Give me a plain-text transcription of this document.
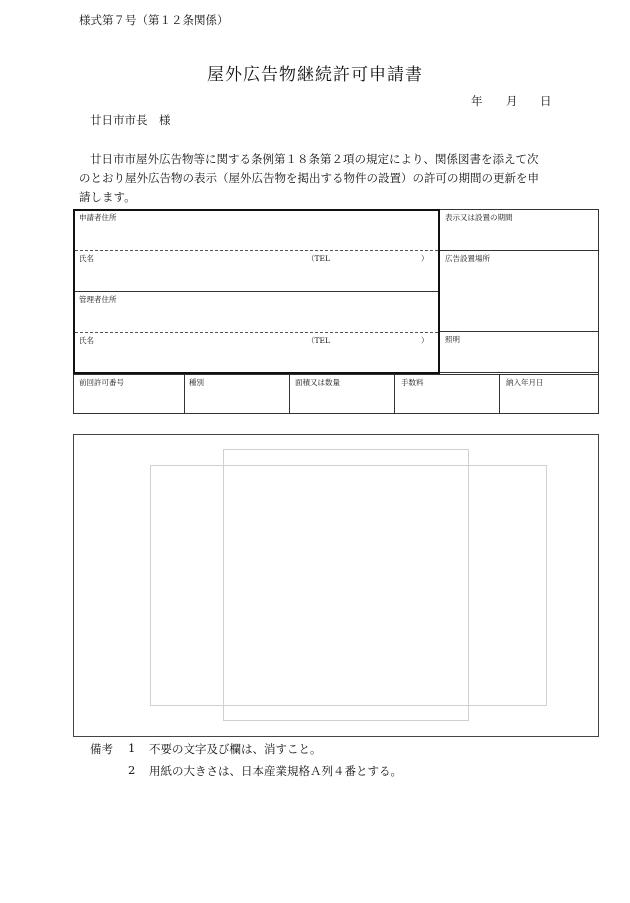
様式第７号（第１２条関係）
屋外広告物継続許可申請書
年 月 日
廿日市市長　様
廿日市市屋外広告物等に関する条例第１８条第２項の規定により、関係図書を添えて次
のとおり屋外広告物の表示（屋外広告物を掲出する物件の設置）の許可の期間の更新を申
請します。
申請者住所
氏名	（TEL	）
管理者住所
氏名	（TEL	）
表示又は設置の期間
広告設置場所
照明
前回許可番号	種別	面積又は数量	手数料	納入年月日
備考 1 不要の文字及び欄は、消すこと。
2 用紙の大きさは、日本産業規格Ａ列４番とする。
